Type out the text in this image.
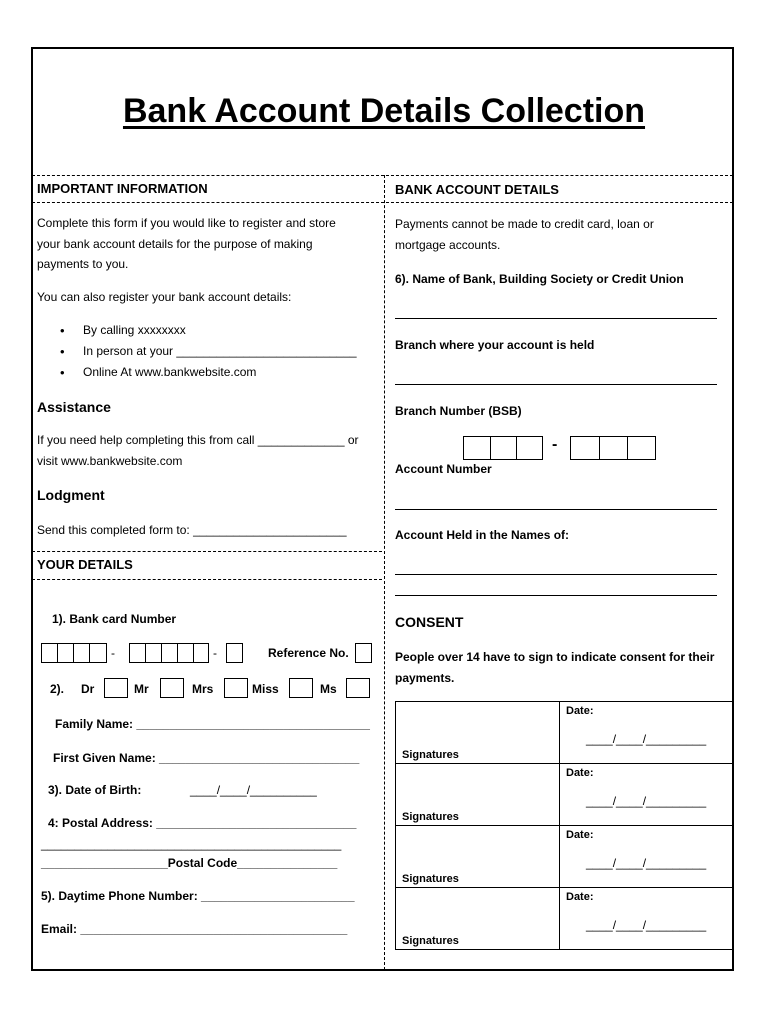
Bank Account Details Collection
IMPORTANT INFORMATION
Complete this form if you would like to register and store
your bank account details for the purpose of making
payments to you.
You can also register your bank account details:
• By calling xxxxxxxx
• In person at your ___________________________
• Online At www.bankwebsite.com
Assistance
If you need help completing this from call _____________ or
visit www.bankwebsite.com
Lodgment
Send this completed form to: _______________________
YOUR DETAILS
1). Bank card Number
-	-	Reference No.
2). Dr	Mr	Mrs	Miss	Ms
Family Name: ___________________________________
First Given Name: ______________________________
3). Date of Birth:	____/____/__________
4: Postal Address: ______________________________
_____________________________________________
___________________Postal Code_______________
5). Daytime Phone Number: _______________________
Email: ________________________________________
BANK ACCOUNT DETAILS
Payments cannot be made to credit card, loan or
mortgage accounts.
6). Name of Bank, Building Society or Credit Union
Branch where your account is held
Branch Number (BSB)
-
Account Number
Account Held in the Names of:
CONSENT
People over 14 have to sign to indicate consent for their
payments.
Signatures	Date:
____/____/_________

Signatures	Date:
____/____/_________

Signatures	Date:
____/____/_________

Signatures	Date:
____/____/_________
